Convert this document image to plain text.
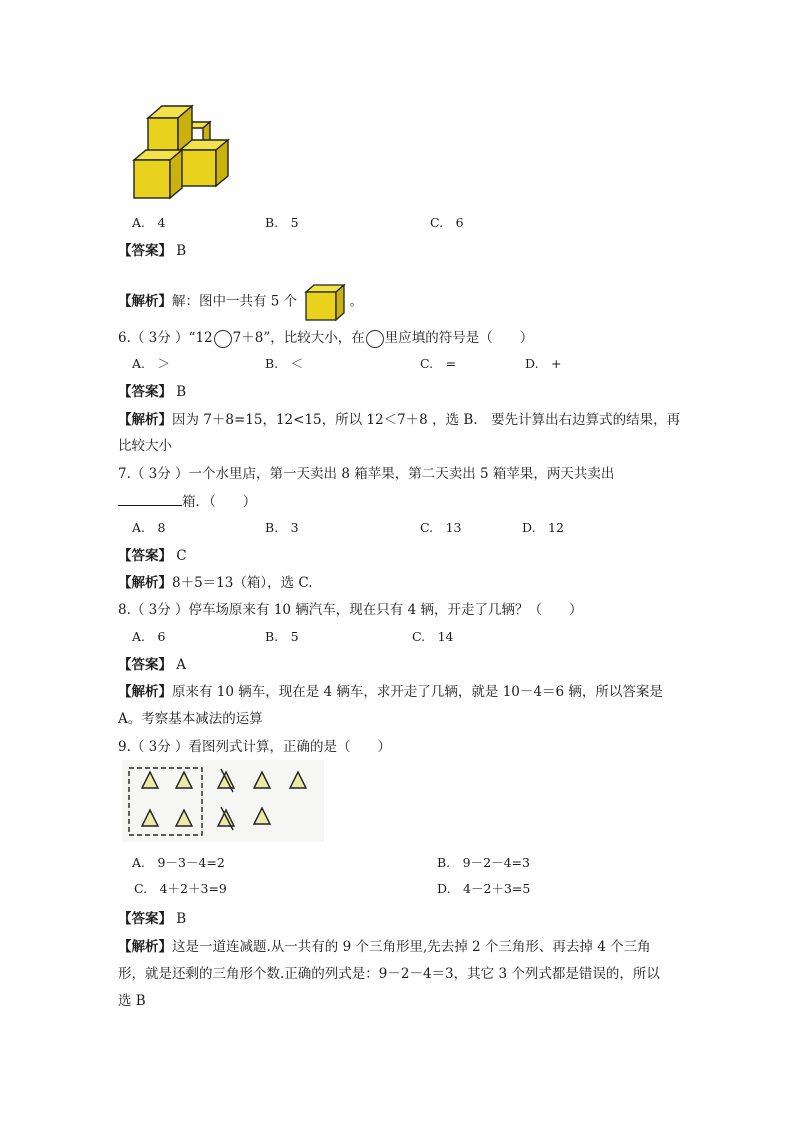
A.　4	B.　5	C.　6
【答案】 B
【解析】解：图中一共有 5 个	。
6.（ 3分 ）“12 7＋8”，比较大小，在 里应填的符号是（　　）
A.　＞	B.　＜	C.　=	D.　+
【答案】 B
【解析】因为 7＋8=15，12<15，所以 12＜7＋8 ，选 B.　要先计算出右边算式的结果，再
比较大小
7.（ 3分 ）一个水里店，第一天卖出 8 箱苹果，第二天卖出 5 箱苹果，两天共卖出
箱．（　　）
A.　8	B.　3	C.　13	D.　12
【答案】 C
【解析】8＋5＝13（箱），选 C.
8.（ 3分 ）停车场原来有 10 辆汽车，现在只有 4 辆，开走了几辆？（　　）
A.　6	B.　5	C.　14
【答案】 A
【解析】原来有 10 辆车，现在是 4 辆车，求开走了几辆，就是 10－4＝6 辆，所以答案是
A。考察基本减法的运算
9.（ 3分 ）看图列式计算，正确的是（　　）
A.　9－3－4=2	B.　9－2－4=3
C.　4＋2＋3=9	D.　4－2＋3=5
【答案】 B
【解析】这是一道连减题.从一共有的 9 个三角形里,先去掉 2 个三角形、再去掉 4 个三角
形，就是还剩的三角形个数.正确的列式是：9－2－4＝3，其它 3 个列式都是错误的，所以
选 B
